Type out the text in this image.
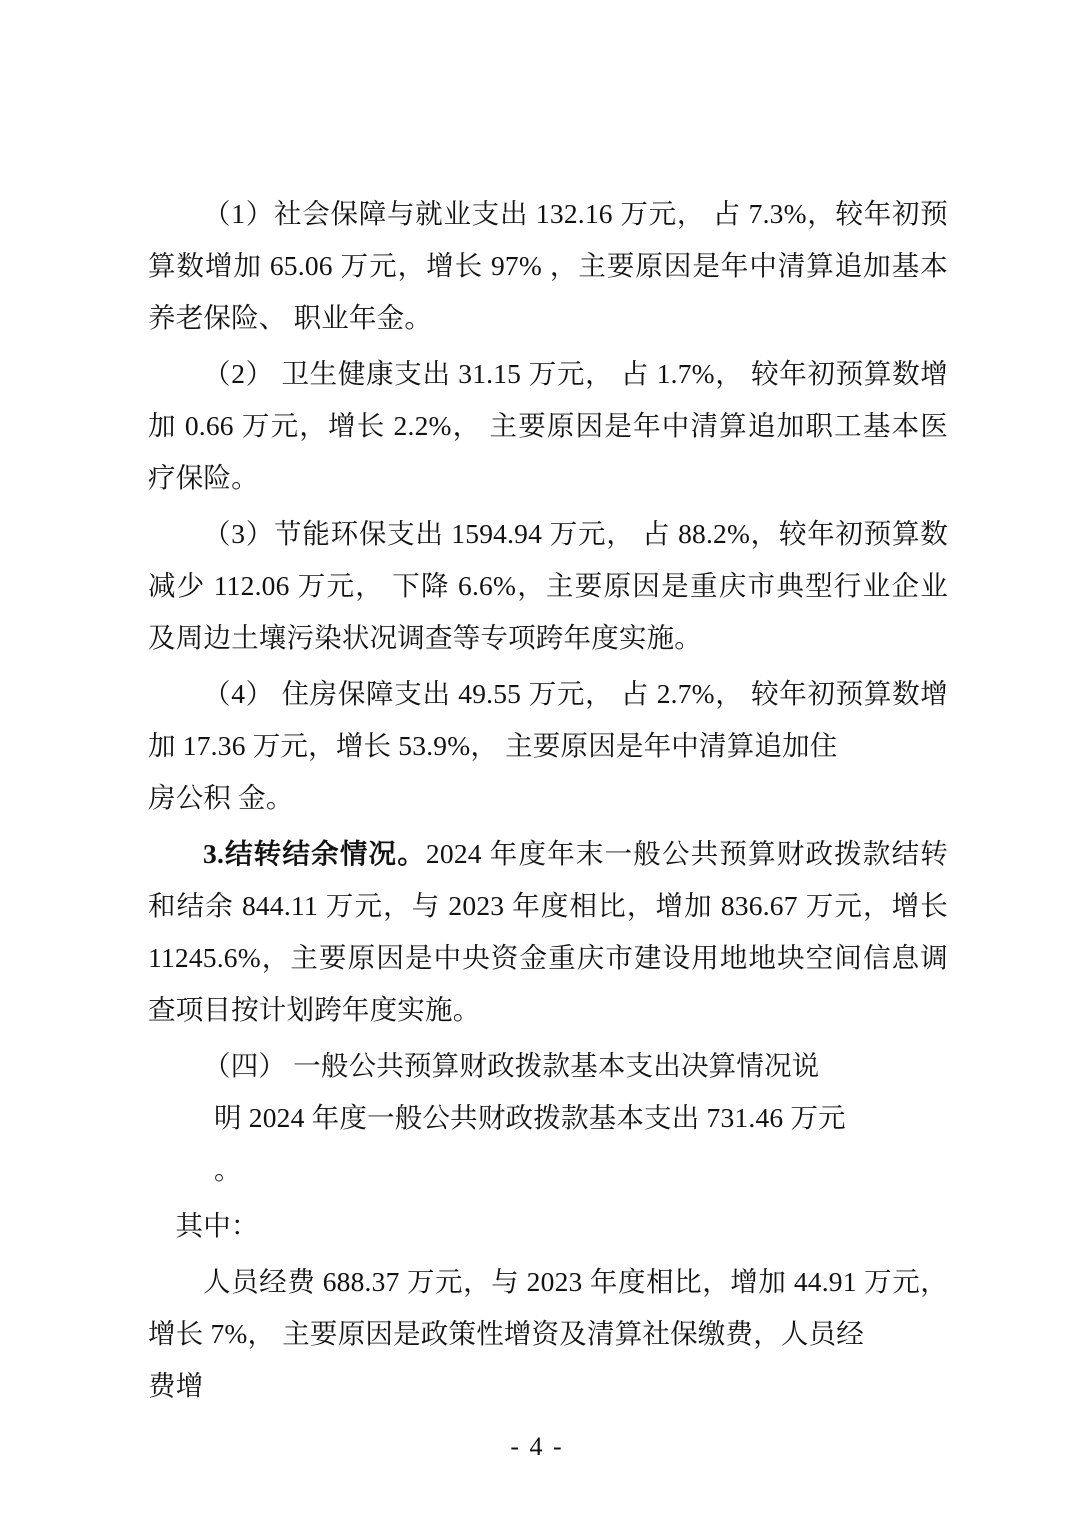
（1）社会保障与就业支出 132.16 万元， 占 7.3%，较年初预 算数增加 65.06 万元，增长 97% ，主要原因是年中清算追加基本 养老保险、 职业年金。

（2） 卫生健康支出 31.15 万元， 占 1.7%， 较年初预算数增 加 0.66 万元，增长 2.2%， 主要原因是年中清算追加职工基本医 疗保险。

（3）节能环保支出 1594.94 万元， 占 88.2%，较年初预算数 减少 112.06 万元， 下降 6.6%，主要原因是重庆市典型行业企业 及周边土壤污染状况调查等专项跨年度实施。

（4） 住房保障支出 49.55 万元， 占 2.7%， 较年初预算数增 加 17.36 万元，增长 53.9%， 主要原因是年中清算追加住

房公积 金。

3.结转结余情况。2024 年度年末一般公共预算财政拨款结转和结余 844.11 万元，与 2023 年度相比，增加 836.67 万元，增长 11245.6%，主要原因是中央资金重庆市建设用地地块空间信息调 查项目按计划跨年度实施。

（四） 一般公共预算财政拨款基本支出决算情况说

明 2024 年度一般公共财政拨款基本支出 731.46 万元

。

其中：

人员经费 688.37 万元，与 2023 年度相比，增加 44.91 万元， 增长 7%， 主要原因是政策性增资及清算社保缴费，人员经

费增

- 4 -
